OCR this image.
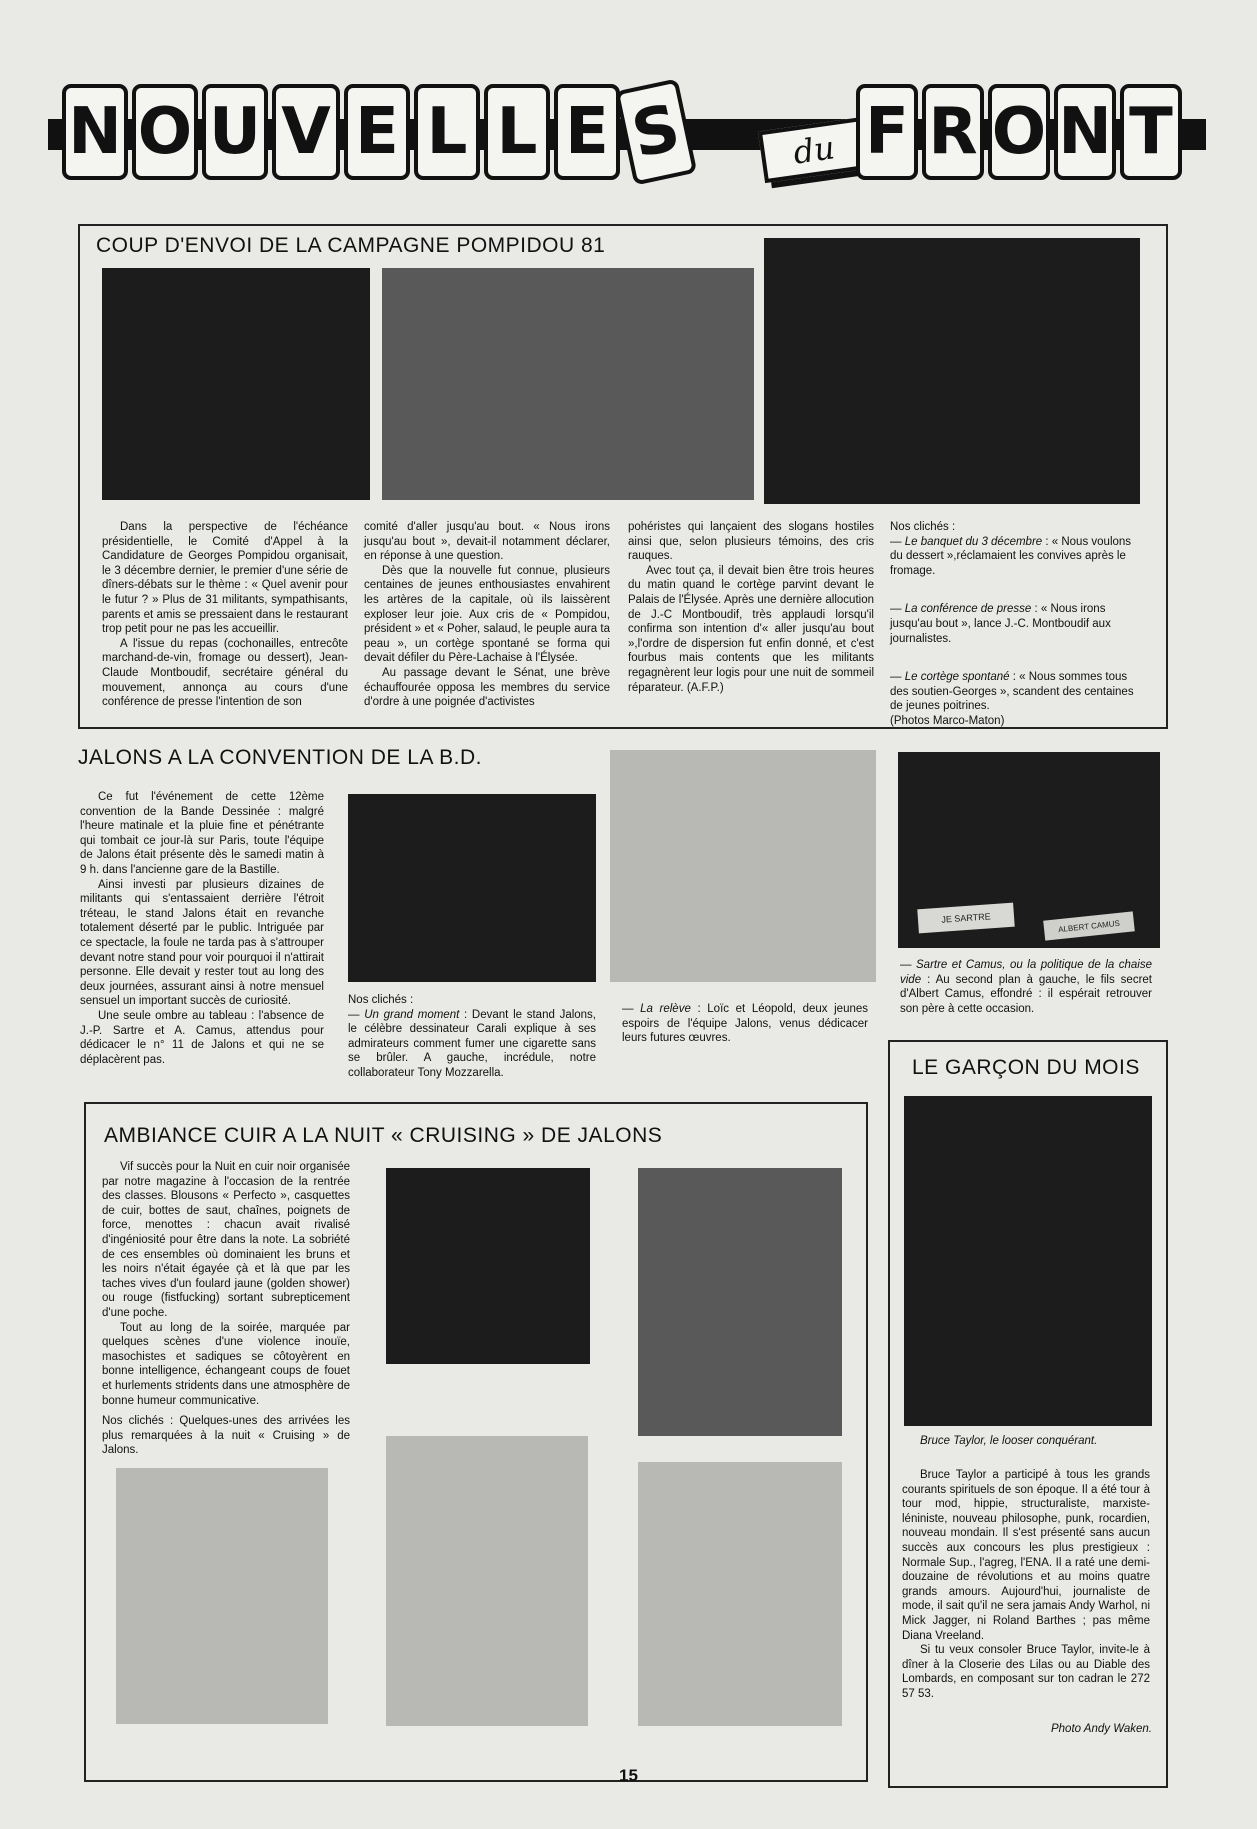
N O U V E L L E S	du F R O N T
COUP D'ENVOI DE LA CAMPAGNE POMPIDOU 81

Dans la perspective de l'échéance présidentielle, le Comité d'Appel à la Candidature de Georges Pompidou organisait, le 3 décembre dernier, le premier d'une série de dîners-débats sur le thème : « Quel avenir pour le futur ? » Plus de 31 militants, sympathisants, parents et amis se pressaient dans le restaurant trop petit pour ne pas les accueillir.

A l'issue du repas (cochonailles, entrecôte marchand-de-vin, fromage ou dessert), Jean-Claude Montboudif, secrétaire général du mouvement, annonça au cours d'une conférence de presse l'intention de son

comité d'aller jusqu'au bout. « Nous irons jusqu'au bout », devait-il notamment déclarer, en réponse à une question.

Dès que la nouvelle fut connue, plusieurs centaines de jeunes enthousiastes envahirent les artères de la capitale, où ils laissèrent exploser leur joie. Aux cris de « Pompidou, président » et « Poher, salaud, le peuple aura ta peau », un cortège spontané se forma qui devait défiler du Père-Lachaise à l'Élysée.

Au passage devant le Sénat, une brève échauffourée opposa les membres du service d'ordre à une poignée d'activistes

pohéristes qui lançaient des slogans hostiles ainsi que, selon plusieurs témoins, des cris rauques.

Avec tout ça, il devait bien être trois heures du matin quand le cortège parvint devant le Palais de l'Élysée. Après une dernière allocution de J.-C Montboudif, très applaudi lorsqu'il confirma son intention d'« aller jusqu'au bout »,l'ordre de dispersion fut enfin donné, et c'est fourbus mais contents que les militants regagnèrent leur logis pour une nuit de sommeil réparateur. (A.F.P.)

Nos clichés :
— Le banquet du 3 décembre : « Nous voulons du dessert »,réclamaient les convives après le fromage.
— La conférence de presse : « Nous irons jusqu'au bout », lance J.-C. Montboudif aux journalistes.
— Le cortège spontané : « Nous sommes tous des soutien-Georges », scandent des centaines de jeunes poitrines.
(Photos Marco-Maton)
JALONS A LA CONVENTION DE LA B.D.

Ce fut l'événement de cette 12ème convention de la Bande Dessinée : malgré l'heure matinale et la pluie fine et pénétrante qui tombait ce jour-là sur Paris, toute l'équipe de Jalons était présente dès le samedi matin à 9 h. dans l'ancienne gare de la Bastille.

Ainsi investi par plusieurs dizaines de militants qui s'entassaient derrière l'étroit tréteau, le stand Jalons était en revanche totalement déserté par le public. Intriguée par ce spectacle, la foule ne tarda pas à s'attrouper devant notre stand pour voir pourquoi il n'attirait personne. Elle devait y rester tout au long des deux journées, assurant ainsi à notre mensuel sensuel un important succès de curiosité.

Une seule ombre au tableau : l'absence de J.-P. Sartre et A. Camus, attendus pour dédicacer le n° 11 de Jalons et qui ne se déplacèrent pas.

Nos clichés :
— Un grand moment : Devant le stand Jalons, le célèbre dessinateur Carali explique à ses admirateurs comment fumer une cigarette sans se brûler. A gauche, incrédule, notre collaborateur Tony Mozzarella.
— La relève : Loïc et Léopold, deux jeunes espoirs de l'équipe Jalons, venus dédicacer leurs futures œuvres.
JE SARTRE
ALBERT CAMUS
— Sartre et Camus, ou la politique de la chaise vide : Au second plan à gauche, le fils secret d'Albert Camus, effondré : il espérait retrouver son père à cette occasion.
AMBIANCE CUIR A LA NUIT « CRUISING » DE JALONS

Vif succès pour la Nuit en cuir noir organisée par notre magazine à l'occasion de la rentrée des classes. Blousons « Perfecto », casquettes de cuir, bottes de saut, chaînes, poignets de force, menottes : chacun avait rivalisé d'ingéniosité pour être dans la note. La sobriété de ces ensembles où dominaient les bruns et les noirs n'était égayée çà et là que par les taches vives d'un foulard jaune (golden shower) ou rouge (fistfucking) sortant subrepticement d'une poche.

Tout au long de la soirée, marquée par quelques scènes d'une violence inouïe, masochistes et sadiques se côtoyèrent en bonne intelligence, échangeant coups de fouet et hurlements stridents dans une atmosphère de bonne humeur communicative.

Nos clichés : Quelques-unes des arrivées les plus remarquées à la nuit « Cruising » de Jalons.
LE GARÇON DU MOIS
Bruce Taylor, le looser conquérant.

Bruce Taylor a participé à tous les grands courants spirituels de son époque. Il a été tour à tour mod, hippie, structuraliste, marxiste-léniniste, nouveau philosophe, punk, rocardien, nouveau mondain. Il s'est présenté sans aucun succès aux concours les plus prestigieux : Normale Sup., l'agreg, l'ENA. Il a raté une demi-douzaine de révolutions et au moins quatre grands amours. Aujourd'hui, journaliste de mode, il sait qu'il ne sera jamais Andy Warhol, ni Mick Jagger, ni Roland Barthes ; pas même Diana Vreeland.

Si tu veux consoler Bruce Taylor, invite-le à dîner à la Closerie des Lilas ou au Diable des Lombards, en composant sur ton cadran le 272 57 53.

Photo Andy Waken.
15
